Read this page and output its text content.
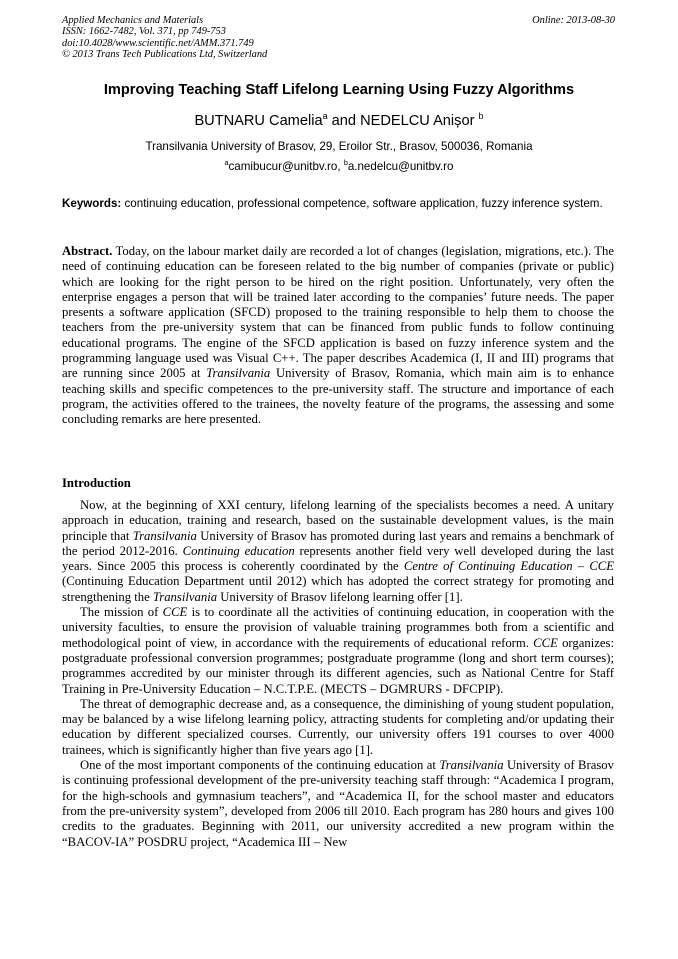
Applied Mechanics and Materials
ISSN: 1662-7482, Vol. 371, pp 749-753
doi:10.4028/www.scientific.net/AMM.371.749
© 2013 Trans Tech Publications Ltd, Switzerland
Online: 2013-08-30
Improving Teaching Staff Lifelong Learning Using Fuzzy Algorithms
BUTNARU Camelia$^a$ and NEDELCU Anișor $^b$
Transilvania University of Brasov, 29, Eroilor Str., Brasov, 500036, Romania
$^a$camibucur@unitbv.ro, $^b$a.nedelcu@unitbv.ro
Keywords: continuing education, professional competence, software application, fuzzy inference system.

Abstract. Today, on the labour market daily are recorded a lot of changes (legislation, migrations, etc.). The need of continuing education can be foreseen related to the big number of companies (private or public) which are looking for the right person to be hired on the right position. Unfortunately, very often the enterprise engages a person that will be trained later according to the companies’ future needs. The paper presents a software application (SFCD) proposed to the training responsible to help them to choose the teachers from the pre-university system that can be financed from public funds to follow continuing educational programs. The engine of the SFCD application is based on fuzzy inference system and the programming language used was Visual C++. The paper describes Academica (I, II and III) programs that are running since 2005 at Transilvania University of Brasov, Romania, which main aim is to enhance teaching skills and specific competences to the pre-university staff. The structure and importance of each program, the activities offered to the trainees, the novelty feature of the programs, the assessing and some concluding remarks are here presented.

Introduction

Now, at the beginning of XXI century, lifelong learning of the specialists becomes a need. A unitary approach in education, training and research, based on the sustainable development values, is the main principle that Transilvania University of Brasov has promoted during last years and remains a benchmark of the period 2012-2016. Continuing education represents another field very well developed during the last years. Since 2005 this process is coherently coordinated by the Centre of Continuing Education – CCE (Continuing Education Department until 2012) which has adopted the correct strategy for promoting and strengthening the Transilvania University of Brasov lifelong learning offer [1].

The mission of CCE is to coordinate all the activities of continuing education, in cooperation with the university faculties, to ensure the provision of valuable training programmes both from a scientific and methodological point of view, in accordance with the requirements of educational reform. CCE organizes: postgraduate professional conversion programmes; postgraduate programme (long and short term courses); programmes accredited by our minister through its different agencies, such as National Centre for Staff Training in Pre-University Education – N.C.T.P.E. (MECTS – DGMRURS - DFCPIP).

The threat of demographic decrease and, as a consequence, the diminishing of young student population, may be balanced by a wise lifelong learning policy, attracting students for completing and/or updating their education by different specialized courses. Currently, our university offers 191 courses to over 4000 trainees, which is significantly higher than five years ago [1].

One of the most important components of the continuing education at Transilvania University of Brasov is continuing professional development of the pre-university teaching staff through: “Academica I program, for the high-schools and gymnasium teachers”, and “Academica II, for the school master and educators from the pre-university system”, developed from 2006 till 2010. Each program has 280 hours and gives 100 credits to the graduates. Beginning with 2011, our university accredited a new program within the “BACOV-IA” POSDRU project, “Academica III – New
